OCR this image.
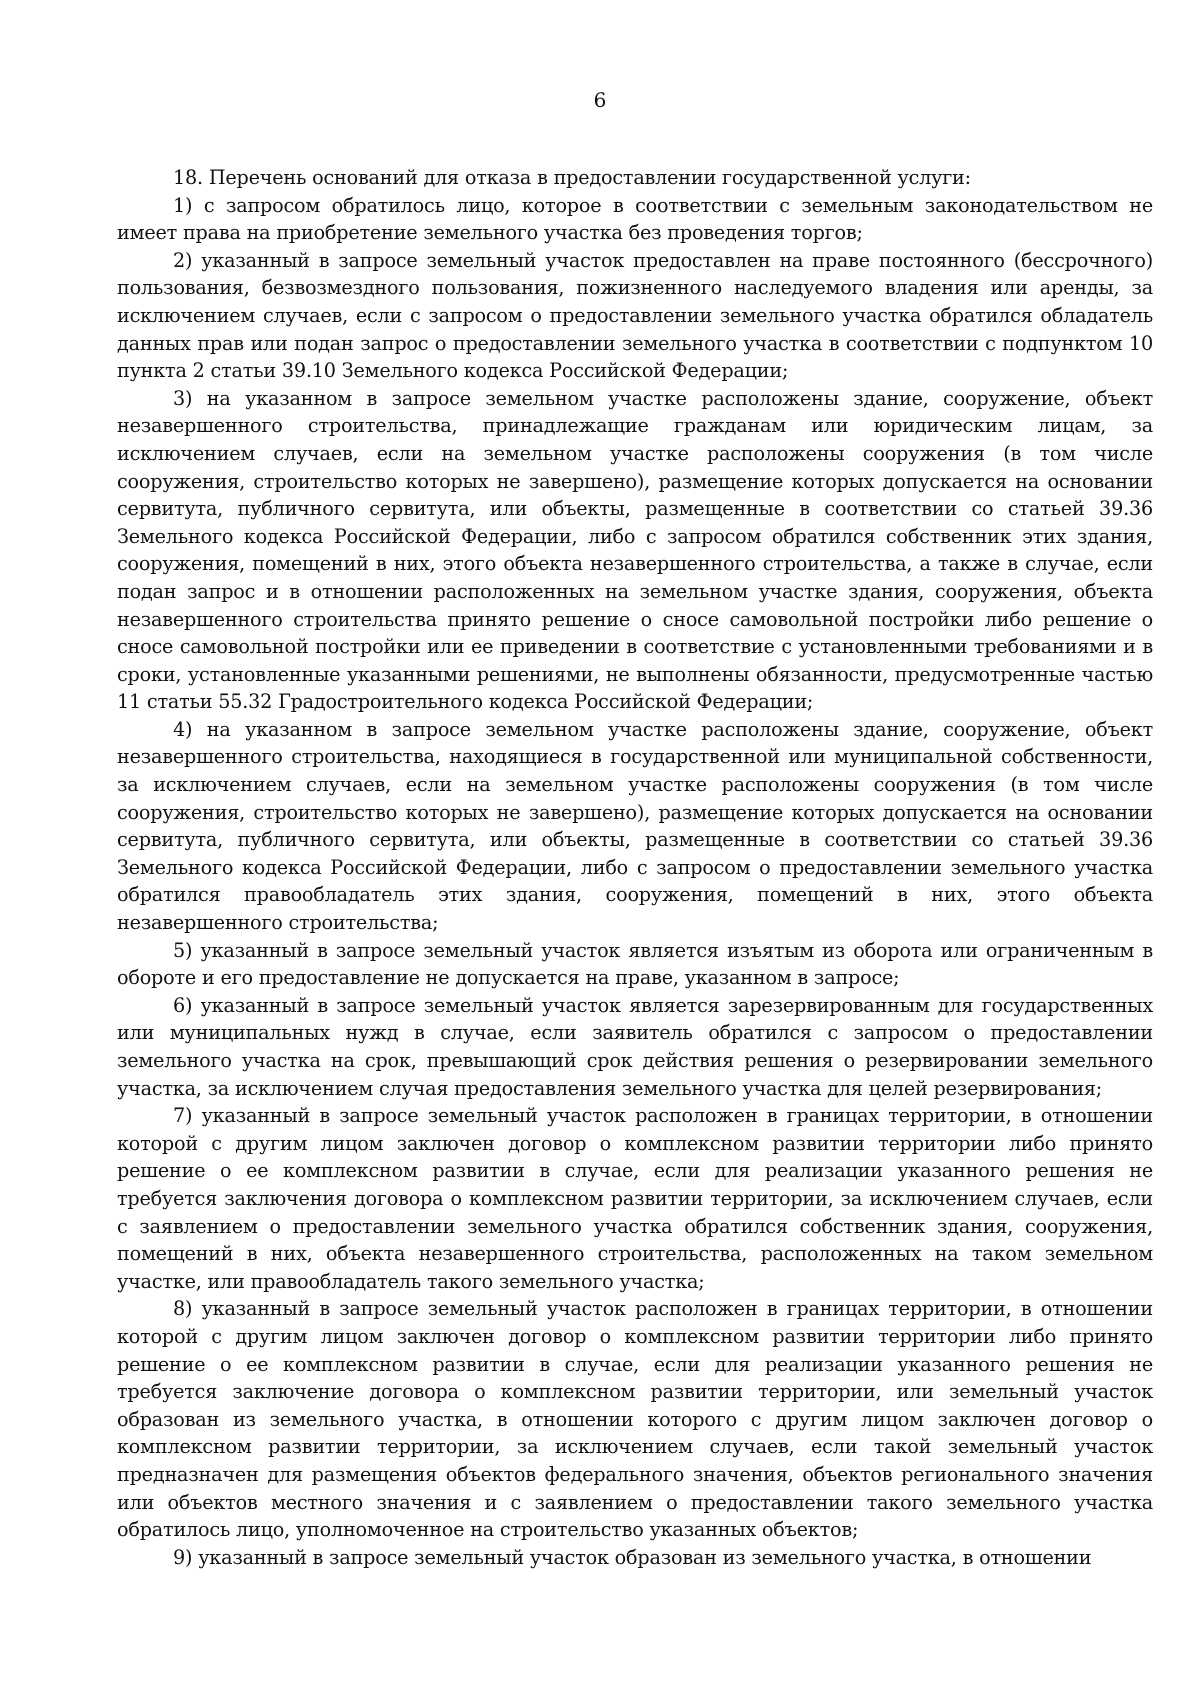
6

18. Перечень оснований для отказа в предоставлении государственной услуги:

1) с запросом обратилось лицо, которое в соответствии с земельным законодательством не имеет права на приобретение земельного участка без проведения торгов;

2) указанный в запросе земельный участок предоставлен на праве постоянного (бессрочного) пользования, безвозмездного пользования, пожизненного наследуемого владения или аренды, за исключением случаев, если с запросом о предоставлении земельного участка обратился обладатель данных прав или подан запрос о предоставлении земельного участка в соответствии с подпунктом 10 пункта 2 статьи 39.10 Земельного кодекса Российской Федерации;

3) на указанном в запросе земельном участке расположены здание, сооружение, объект незавершенного строительства, принадлежащие гражданам или юридическим лицам, за исключением случаев, если на земельном участке расположены сооружения (в том числе сооружения, строительство которых не завершено), размещение которых допускается на основании сервитута, публичного сервитута, или объекты, размещенные в соответствии со статьей 39.36 Земельного кодекса Российской Федерации, либо с запросом обратился собственник этих здания, сооружения, помещений в них, этого объекта незавершенного строительства, а также в случае, если подан запрос и в отношении расположенных на земельном участке здания, сооружения, объекта незавершенного строительства принято решение о сносе самовольной постройки либо решение о сносе самовольной постройки или ее приведении в соответствие с установленными требованиями и в сроки, установленные указанными решениями, не выполнены обязанности, предусмотренные частью 11 статьи 55.32 Градостроительного кодекса Российской Федерации;

4) на указанном в запросе земельном участке расположены здание, сооружение, объект незавершенного строительства, находящиеся в государственной или муниципальной собственности, за исключением случаев, если на земельном участке расположены сооружения (в том числе сооружения, строительство которых не завершено), размещение которых допускается на основании сервитута, публичного сервитута, или объекты, размещенные в соответствии со статьей 39.36 Земельного кодекса Российской Федерации, либо с запросом о предоставлении земельного участка обратился правообладатель этих здания, сооружения, помещений в них, этого объекта незавершенного строительства;

5) указанный в запросе земельный участок является изъятым из оборота или ограниченным в обороте и его предоставление не допускается на праве, указанном в запросе;

6) указанный в запросе земельный участок является зарезервированным для государственных или муниципальных нужд в случае, если заявитель обратился с запросом о предоставлении земельного участка на срок, превышающий срок действия решения о резервировании земельного участка, за исключением случая предоставления земельного участка для целей резервирования;

7) указанный в запросе земельный участок расположен в границах территории, в отношении которой с другим лицом заключен договор о комплексном развитии территории либо принято решение о ее комплексном развитии в случае, если для реализации указанного решения не требуется заключения договора о комплексном развитии территории, за исключением случаев, если с заявлением о предоставлении земельного участка обратился собственник здания, сооружения, помещений в них, объекта незавершенного строительства, расположенных на таком земельном участке, или правообладатель такого земельного участка;

8) указанный в запросе земельный участок расположен в границах территории, в отношении которой с другим лицом заключен договор о комплексном развитии территории либо принято решение о ее комплексном развитии в случае, если для реализации указанного решения не требуется заключение договора о комплексном развитии территории, или земельный участок образован из земельного участка, в отношении которого с другим лицом заключен договор о комплексном развитии территории, за исключением случаев, если такой земельный участок предназначен для размещения объектов федерального значения, объектов регионального значения или объектов местного значения и с заявлением о предоставлении такого земельного участка обратилось лицо, уполномоченное на строительство указанных объектов;

9) указанный в запросе земельный участок образован из земельного участка, в отношении
